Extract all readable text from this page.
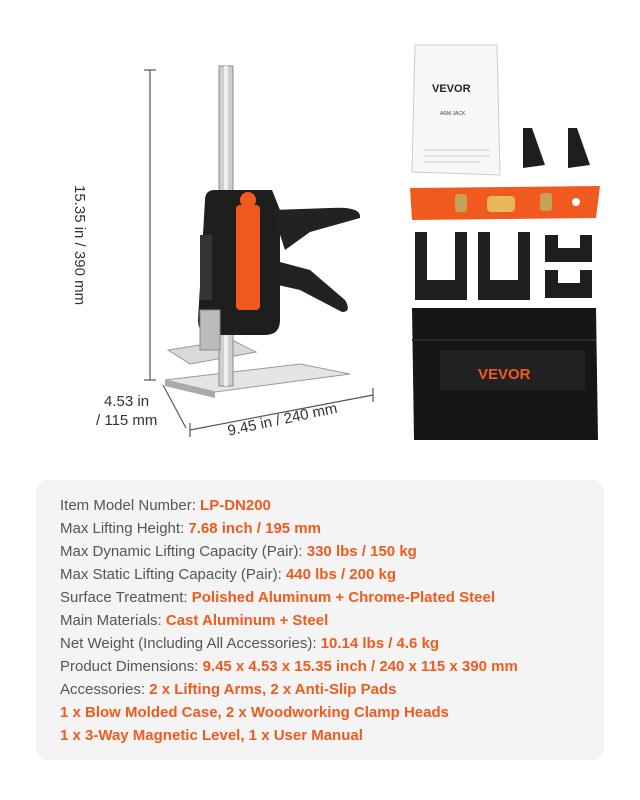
VEVOR
ARM JACK
VEVOR
15.35 in / 390 mm
4.53 in
/ 115 mm	9.45 in / 240 mm
Item Model Number: LP-DN200
Max Lifting Height: 7.68 inch / 195 mm
Max Dynamic Lifting Capacity (Pair): 330 lbs / 150 kg
Max Static Lifting Capacity (Pair): 440 lbs / 200 kg
Surface Treatment: Polished Aluminum + Chrome-Plated Steel
Main Materials: Cast Aluminum + Steel
Net Weight (Including All Accessories): 10.14 lbs / 4.6 kg
Product Dimensions: 9.45 x 4.53 x 15.35 inch / 240 x 115 x 390 mm
Accessories: 2 x Lifting Arms, 2 x Anti-Slip Pads
1 x Blow Molded Case, 2 x Woodworking Clamp Heads
1 x 3-Way Magnetic Level, 1 x User Manual
